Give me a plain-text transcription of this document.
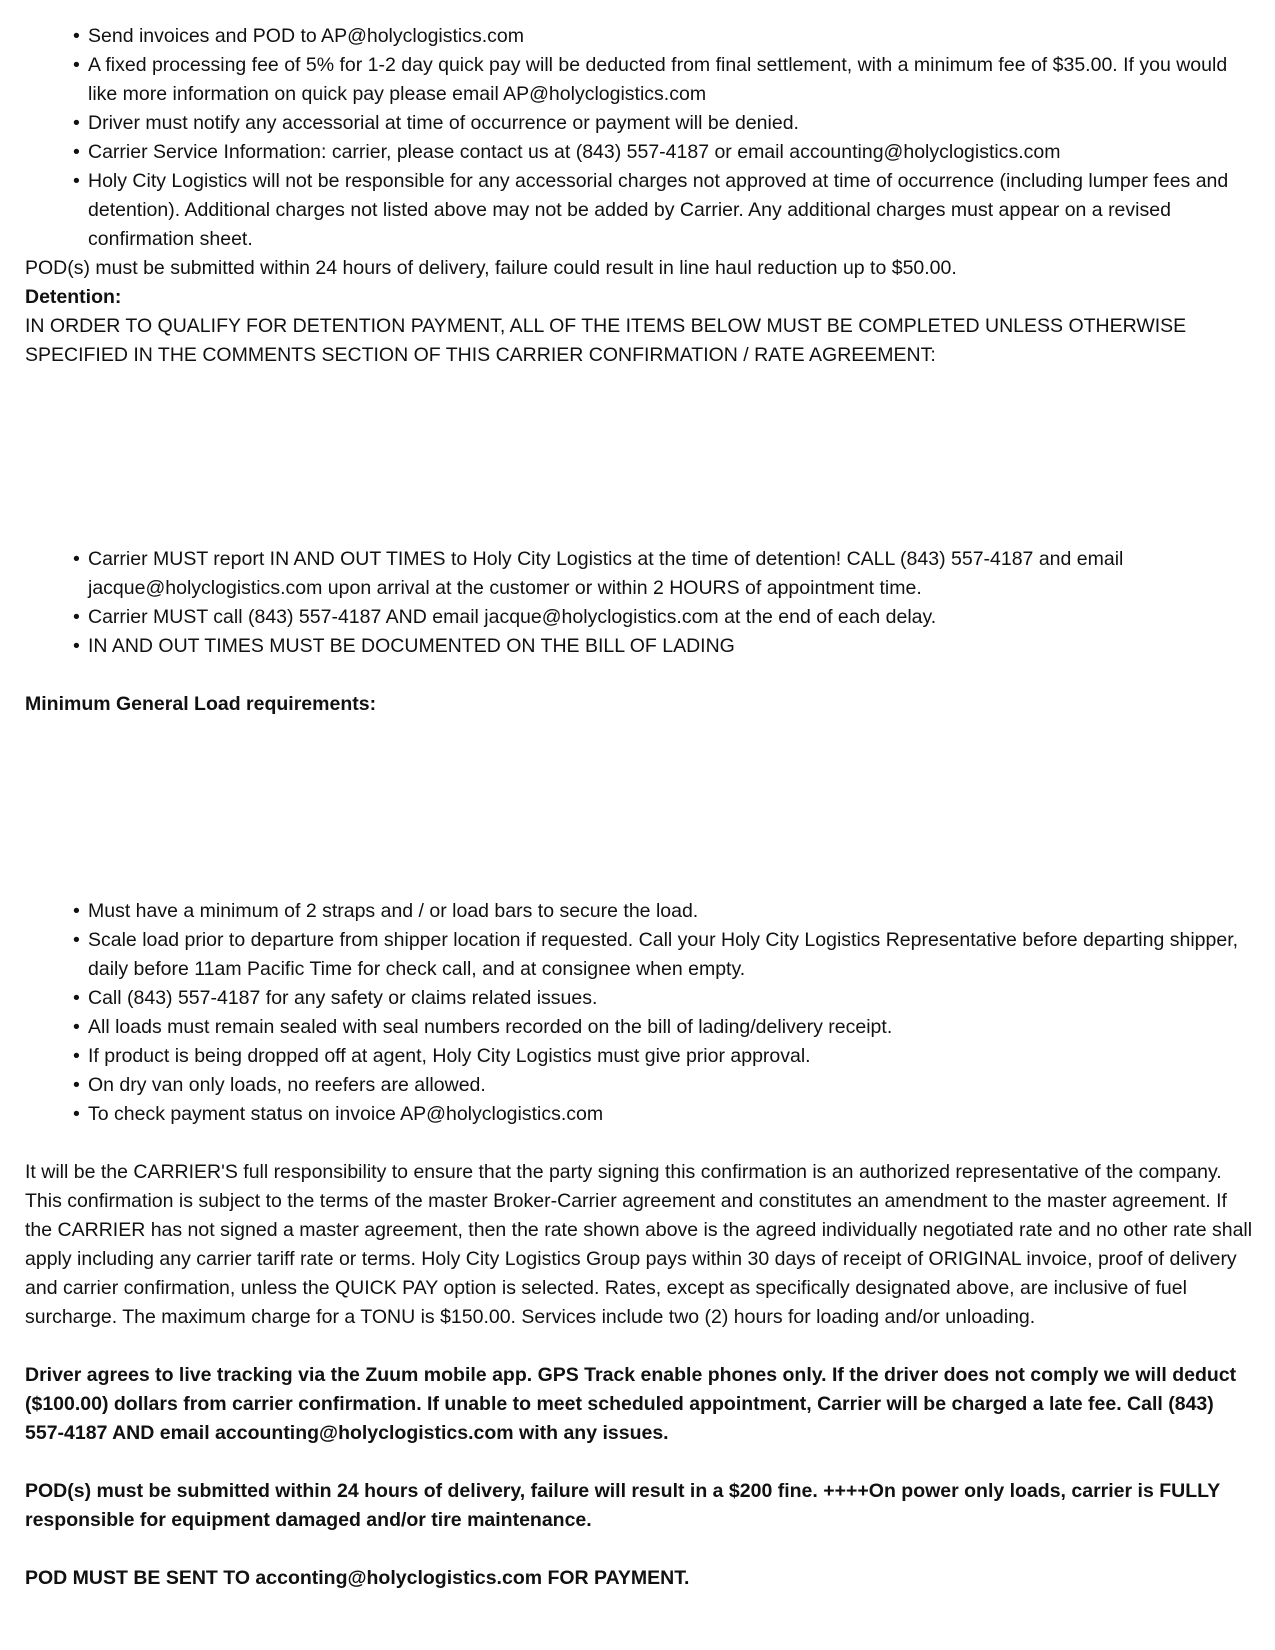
• Send invoices and POD to AP@holyclogistics.com
• A fixed processing fee of 5% for 1-2 day quick pay will be deducted from final settlement, with a minimum fee of $35.00. If you would like more information on quick pay please email AP@holyclogistics.com
• Driver must notify any accessorial at time of occurrence or payment will be denied.
• Carrier Service Information: carrier, please contact us at (843) 557-4187 or email accounting@holyclogistics.com
• Holy City Logistics will not be responsible for any accessorial charges not approved at time of occurrence (including lumper fees and detention). Additional charges not listed above may not be added by Carrier. Any additional charges must appear on a revised confirmation sheet.

POD(s) must be submitted within 24 hours of delivery, failure could result in line haul reduction up to $50.00.

Detention:

IN ORDER TO QUALIFY FOR DETENTION PAYMENT, ALL OF THE ITEMS BELOW MUST BE COMPLETED UNLESS OTHERWISE SPECIFIED IN THE COMMENTS SECTION OF THIS CARRIER CONFIRMATION / RATE AGREEMENT:

• Carrier MUST report IN AND OUT TIMES to Holy City Logistics at the time of detention! CALL (843) 557-4187 and email jacque@holyclogistics.com upon arrival at the customer or within 2 HOURS of appointment time.
• Carrier MUST call (843) 557-4187 AND email jacque@holyclogistics.com at the end of each delay.
• IN AND OUT TIMES MUST BE DOCUMENTED ON THE BILL OF LADING

Minimum General Load requirements:

• Must have a minimum of 2 straps and / or load bars to secure the load.
• Scale load prior to departure from shipper location if requested. Call your Holy City Logistics Representative before departing shipper, daily before 11am Pacific Time for check call, and at consignee when empty.
• Call (843) 557-4187 for any safety or claims related issues.
• All loads must remain sealed with seal numbers recorded on the bill of lading/delivery receipt.
• If product is being dropped off at agent, Holy City Logistics must give prior approval.
• On dry van only loads, no reefers are allowed.
• To check payment status on invoice AP@holyclogistics.com

It will be the CARRIER'S full responsibility to ensure that the party signing this confirmation is an authorized representative of the company. This confirmation is subject to the terms of the master Broker-Carrier agreement and constitutes an amendment to the master agreement. If the CARRIER has not signed a master agreement, then the rate shown above is the agreed individually negotiated rate and no other rate shall apply including any carrier tariff rate or terms. Holy City Logistics Group pays within 30 days of receipt of ORIGINAL invoice, proof of delivery and carrier confirmation, unless the QUICK PAY option is selected. Rates, except as specifically designated above, are inclusive of fuel surcharge. The maximum charge for a TONU is $150.00. Services include two (2) hours for loading and/or unloading.

Driver agrees to live tracking via the Zuum mobile app. GPS Track enable phones only. If the driver does not comply we will deduct ($100.00) dollars from carrier confirmation. If unable to meet scheduled appointment, Carrier will be charged a late fee. Call (843) 557-4187 AND email accounting@holyclogistics.com with any issues.

POD(s) must be submitted within 24 hours of delivery, failure will result in a $200 fine. ++++On power only loads, carrier is FULLY responsible for equipment damaged and/or tire maintenance.

POD MUST BE SENT TO acconting@holyclogistics.com FOR PAYMENT.
